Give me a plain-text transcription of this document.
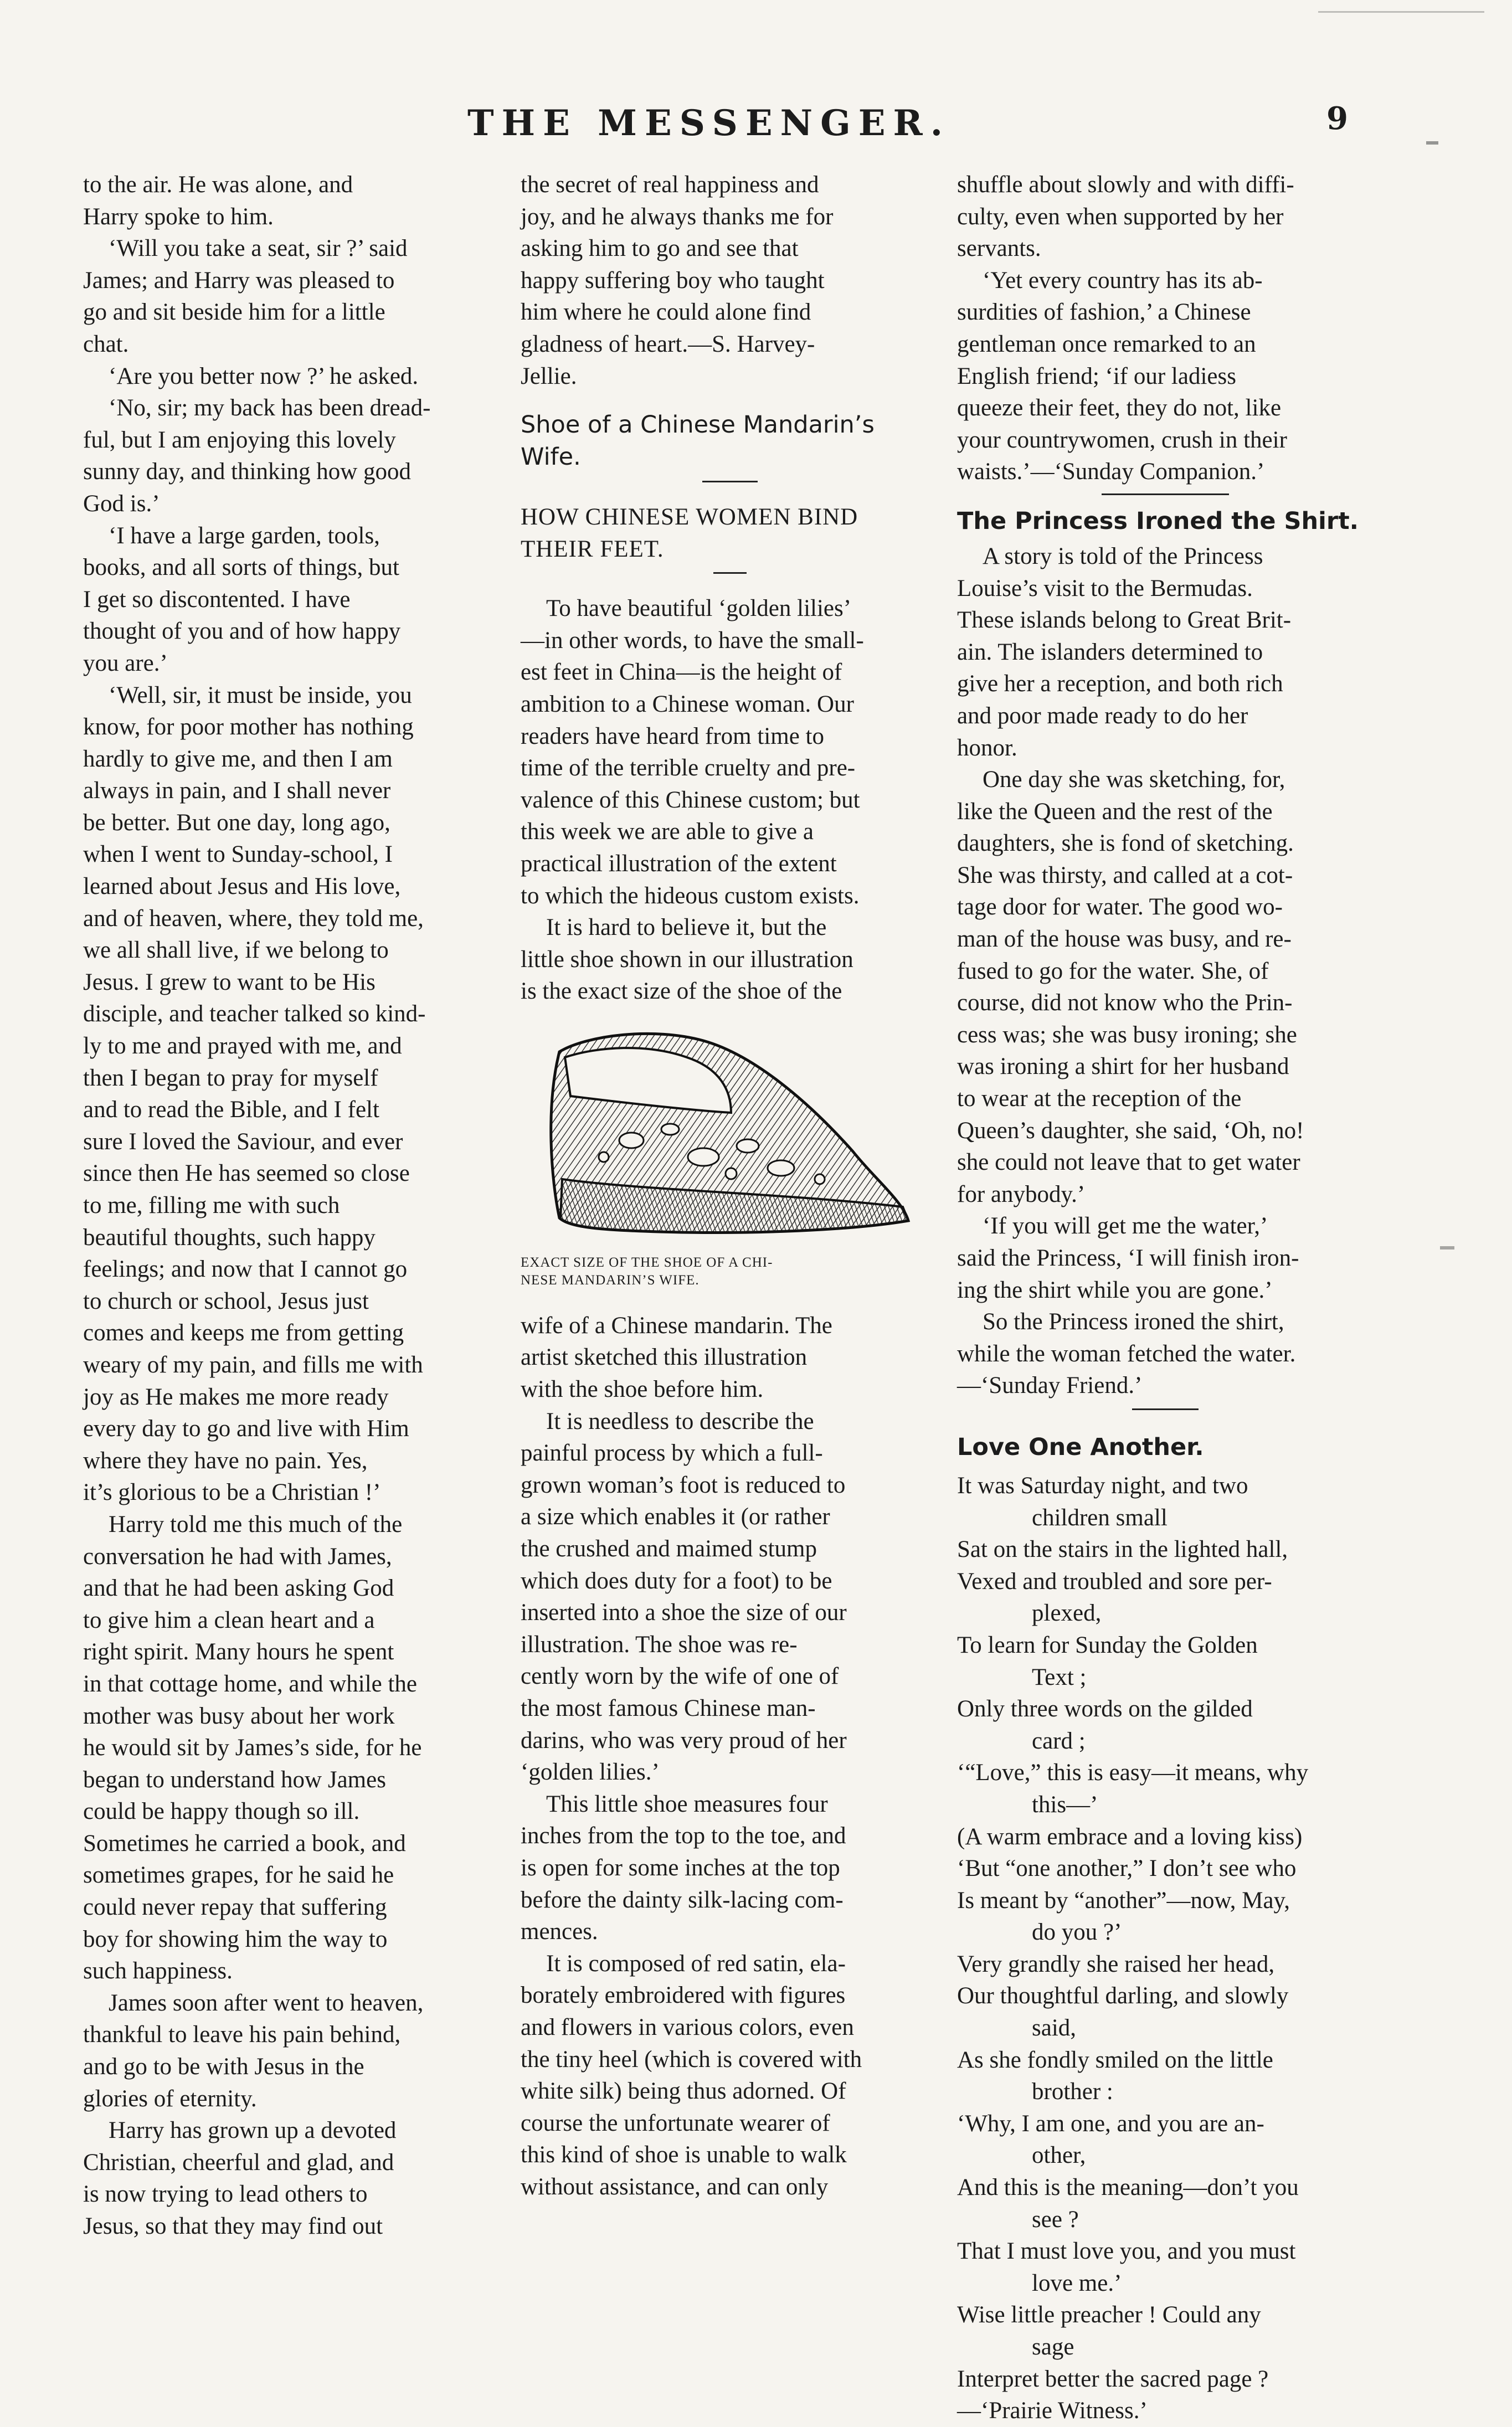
THE MESSENGER.	9

to the air. He was alone, and

Harry spoke to him.

‘Will you take a seat, sir ?’ said

James; and Harry was pleased to

go and sit beside him for a little

chat.

‘Are you better now ?’ he asked.

‘No, sir; my back has been dread-

ful, but I am enjoying this lovely

sunny day, and thinking how good

God is.’

‘I have a large garden, tools,

books, and all sorts of things, but

I get so discontented. I have

thought of you and of how happy

you are.’

‘Well, sir, it must be inside, you

know, for poor mother has nothing

hardly to give me, and then I am

always in pain, and I shall never

be better. But one day, long ago,

when I went to Sunday-school, I

learned about Jesus and His love,

and of heaven, where, they told me,

we all shall live, if we belong to

Jesus. I grew to want to be His

disciple, and teacher talked so kind-

ly to me and prayed with me, and

then I began to pray for myself

and to read the Bible, and I felt

sure I loved the Saviour, and ever

since then He has seemed so close

to me, filling me with such

beautiful thoughts, such happy

feelings; and now that I cannot go

to church or school, Jesus just

comes and keeps me from getting

weary of my pain, and fills me with

joy as He makes me more ready

every day to go and live with Him

where they have no pain. Yes,

it’s glorious to be a Christian !’

Harry told me this much of the

conversation he had with James,

and that he had been asking God

to give him a clean heart and a

right spirit. Many hours he spent

in that cottage home, and while the

mother was busy about her work

he would sit by James’s side, for he

began to understand how James

could be happy though so ill.

Sometimes he carried a book, and

sometimes grapes, for he said he

could never repay that suffering

boy for showing him the way to

such happiness.

James soon after went to heaven,

thankful to leave his pain behind,

and go to be with Jesus in the

glories of eternity.

Harry has grown up a devoted

Christian, cheerful and glad, and

is now trying to lead others to

Jesus, so that they may find out

the secret of real happiness and

joy, and he always thanks me for

asking him to go and see that

happy suffering boy who taught

him where he could alone find

gladness of heart.—S. Harvey-

Jellie.

Shoe of a Chinese Mandarin’s

Wife.

HOW CHINESE WOMEN BIND

THEIR FEET.

To have beautiful ‘golden lilies’

—in other words, to have the small-

est feet in China—is the height of

ambition to a Chinese woman. Our

readers have heard from time to

time of the terrible cruelty and pre-

valence of this Chinese custom; but

this week we are able to give a

practical illustration of the extent

to which the hideous custom exists.

It is hard to believe it, but the

little shoe shown in our illustration

is the exact size of the shoe of the

EXACT SIZE OF THE SHOE OF A CHI-

NESE MANDARIN’S WIFE.

wife of a Chinese mandarin. The

artist sketched this illustration

with the shoe before him.

It is needless to describe the

painful process by which a full-

grown woman’s foot is reduced to

a size which enables it (or rather

the crushed and maimed stump

which does duty for a foot) to be

inserted into a shoe the size of our

illustration. The shoe was re-

cently worn by the wife of one of

the most famous Chinese man-

darins, who was very proud of her

‘golden lilies.’

This little shoe measures four

inches from the top to the toe, and

is open for some inches at the top

before the dainty silk-lacing com-

mences.

It is composed of red satin, ela-

borately embroidered with figures

and flowers in various colors, even

the tiny heel (which is covered with

white silk) being thus adorned. Of

course the unfortunate wearer of

this kind of shoe is unable to walk

without assistance, and can only

shuffle about slowly and with diffi-

culty, even when supported by her

servants.

‘Yet every country has its ab-

surdities of fashion,’ a Chinese

gentleman once remarked to an

English friend; ‘if our ladiess

queeze their feet, they do not, like

your countrywomen, crush in their

waists.’—‘Sunday Companion.’

The Princess Ironed the Shirt.

A story is told of the Princess

Louise’s visit to the Bermudas.

These islands belong to Great Brit-

ain. The islanders determined to

give her a reception, and both rich

and poor made ready to do her

honor.

One day she was sketching, for,

like the Queen and the rest of the

daughters, she is fond of sketching.

She was thirsty, and called at a cot-

tage door for water. The good wo-

man of the house was busy, and re-

fused to go for the water. She, of

course, did not know who the Prin-

cess was; she was busy ironing; she

was ironing a shirt for her husband

to wear at the reception of the

Queen’s daughter, she said, ‘Oh, no!

she could not leave that to get water

for anybody.’

‘If you will get me the water,’

said the Princess, ‘I will finish iron-

ing the shirt while you are gone.’

So the Princess ironed the shirt,

while the woman fetched the water.

—‘Sunday Friend.’

Love One Another.

It was Saturday night, and two

children small

Sat on the stairs in the lighted hall,

Vexed and troubled and sore per-

plexed,

To learn for Sunday the Golden

Text ;

Only three words on the gilded

card ;

‘“Love,” this is easy—it means, why

this—’

(A warm embrace and a loving kiss)

‘But “one another,” I don’t see who

Is meant by “another”—now, May,

do you ?’

Very grandly she raised her head,

Our thoughtful darling, and slowly

said,

As she fondly smiled on the little

brother :

‘Why, I am one, and you are an-

other,

And this is the meaning—don’t you

see ?

That I must love you, and you must

love me.’

Wise little preacher ! Could any

sage

Interpret better the sacred page ?

—‘Prairie Witness.’
